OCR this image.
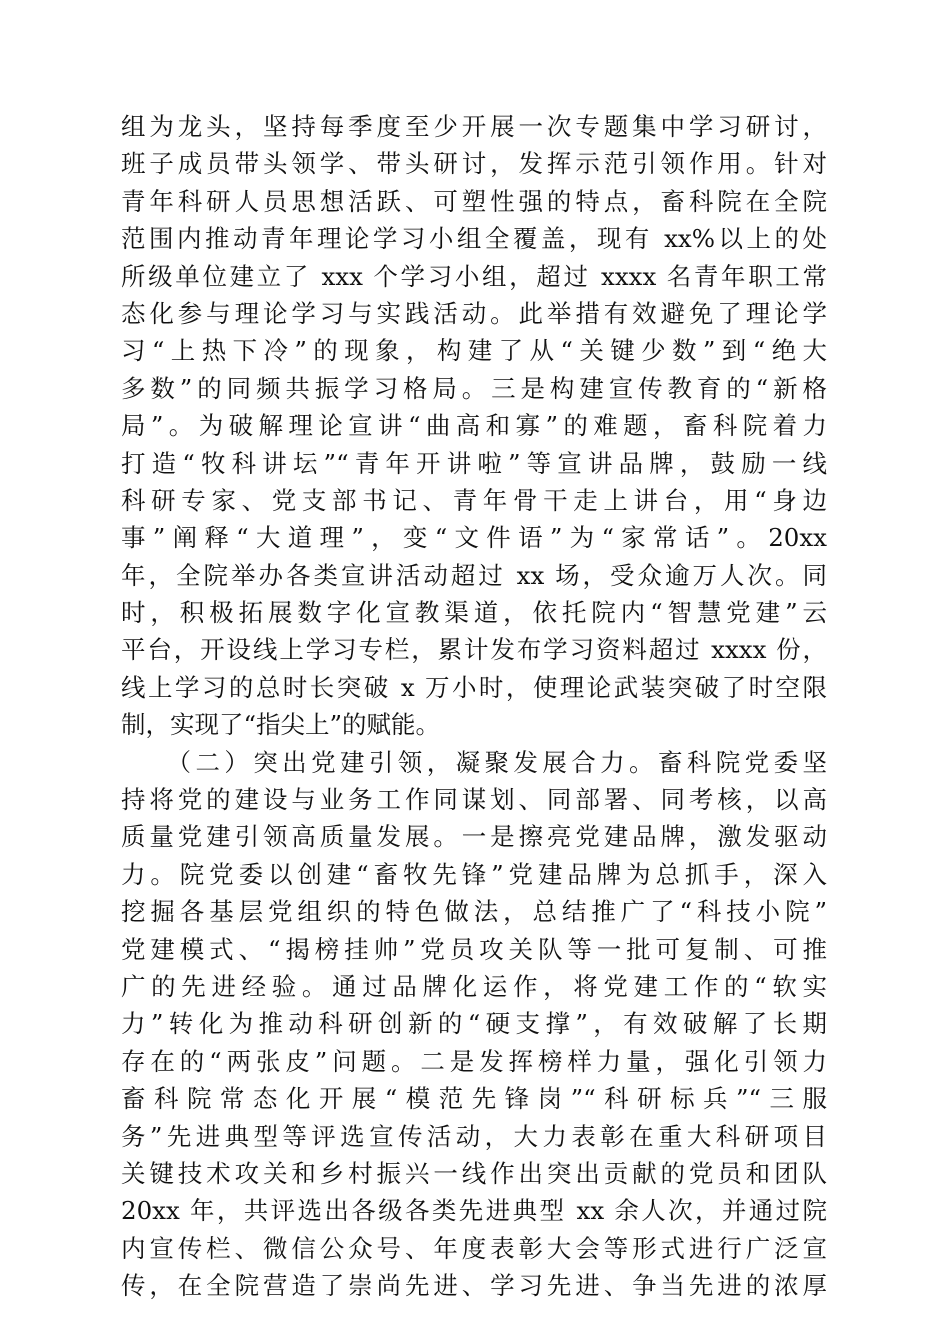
组为龙头，坚持每季度至少开展一次专题集中学习研讨，
班子成员带头领学、带头研讨，发挥示范引领作用。针对
青年科研人员思想活跃、可塑性强的特点，畜科院在全院
范围内推动青年理论学习小组全覆盖，现有 xx%以上的处
所级单位建立了 xxx 个学习小组，超过 xxxx 名青年职工常
态化参与理论学习与实践活动。此举措有效避免了理论学
习“上热下冷”的现象，构建了从“关键少数”到“绝大
多数”的同频共振学习格局。三是构建宣传教育的“新格
局”。为破解理论宣讲“曲高和寡”的难题，畜科院着力
打造“牧科讲坛”“青年开讲啦”等宣讲品牌，鼓励一线
科研专家、党支部书记、青年骨干走上讲台，用“身边
事”阐释“大道理”，变“文件语”为“家常话”。20xx
年，全院举办各类宣讲活动超过 xx 场，受众逾万人次。同
时，积极拓展数字化宣教渠道，依托院内“智慧党建”云
平台，开设线上学习专栏，累计发布学习资料超过 xxxx 份，
线上学习的总时长突破 x 万小时，使理论武装突破了时空限
制，实现了“指尖上”的赋能。
　　（二）突出党建引领，凝聚发展合力。畜科院党委坚
持将党的建设与业务工作同谋划、同部署、同考核，以高
质量党建引领高质量发展。一是擦亮党建品牌，激发驱动
力。院党委以创建“畜牧先锋”党建品牌为总抓手，深入
挖掘各基层党组织的特色做法，总结推广了“科技小院”
党建模式、“揭榜挂帅”党员攻关队等一批可复制、可推
广的先进经验。通过品牌化运作，将党建工作的“软实
力”转化为推动科研创新的“硬支撑”，有效破解了长期
存在的“两张皮”问题。二是发挥榜样力量，强化引领力
畜科院常态化开展“模范先锋岗”“科研标兵”“三服
务”先进典型等评选宣传活动，大力表彰在重大科研项目
关键技术攻关和乡村振兴一线作出突出贡献的党员和团队
20xx 年，共评选出各级各类先进典型 xx 余人次，并通过院
内宣传栏、微信公众号、年度表彰大会等形式进行广泛宣
传，在全院营造了崇尚先进、学习先进、争当先进的浓厚
